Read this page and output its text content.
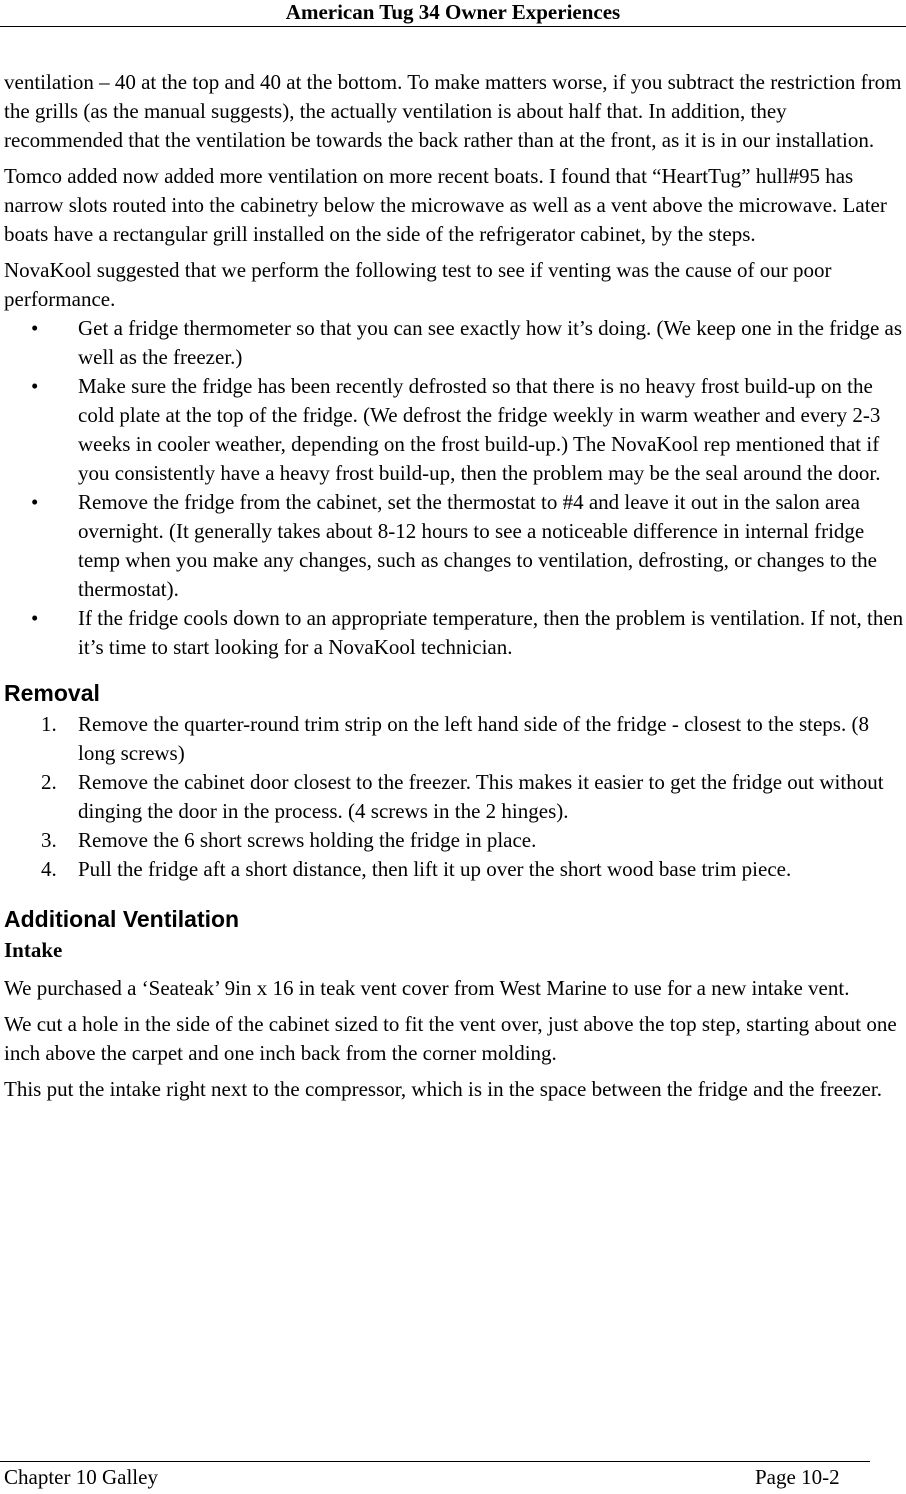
American Tug 34 Owner Experiences

ventilation – 40 at the top and 40 at the bottom. To make matters worse, if you subtract the restriction from the grills (as the manual suggests), the actually ventilation is about half that. In addition, they recommended that the ventilation be towards the back rather than at the front, as it is in our installation.

Tomco added now added more ventilation on more recent boats. I found that “HeartTug” hull#95 has narrow slots routed into the cabinetry below the microwave as well as a vent above the microwave. Later boats have a rectangular grill installed on the side of the refrigerator cabinet, by the steps.

NovaKool suggested that we perform the following test to see if venting was the cause of our poor performance.

• Get a fridge thermometer so that you can see exactly how it’s doing. (We keep one in the fridge as well as the freezer.)
• Make sure the fridge has been recently defrosted so that there is no heavy frost build-up on the cold plate at the top of the fridge. (We defrost the fridge weekly in warm weather and every 2-3 weeks in cooler weather, depending on the frost build-up.) The NovaKool rep mentioned that if you consistently have a heavy frost build-up, then the problem may be the seal around the door.
• Remove the fridge from the cabinet, set the thermostat to #4 and leave it out in the salon area overnight. (It generally takes about 8-12 hours to see a noticeable difference in internal fridge temp when you make any changes, such as changes to ventilation, defrosting, or changes to the thermostat).
• If the fridge cools down to an appropriate temperature, then the problem is ventilation. If not, then it’s time to start looking for a NovaKool technician.
Removal
1. Remove the quarter-round trim strip on the left hand side of the fridge - closest to the steps. (8 long screws)
2. Remove the cabinet door closest to the freezer. This makes it easier to get the fridge out without dinging the door in the process. (4 screws in the 2 hinges).
3. Remove the 6 short screws holding the fridge in place.
4. Pull the fridge aft a short distance, then lift it up over the short wood base trim piece.
Additional Ventilation
Intake

We purchased a ‘Seateak’ 9in x 16 in teak vent cover from West Marine to use for a new intake vent.

We cut a hole in the side of the cabinet sized to fit the vent over, just above the top step, starting about one inch above the carpet and one inch back from the corner molding.

This put the intake right next to the compressor, which is in the space between the fridge and the freezer.

Chapter 10 Galley	Page 10-2
